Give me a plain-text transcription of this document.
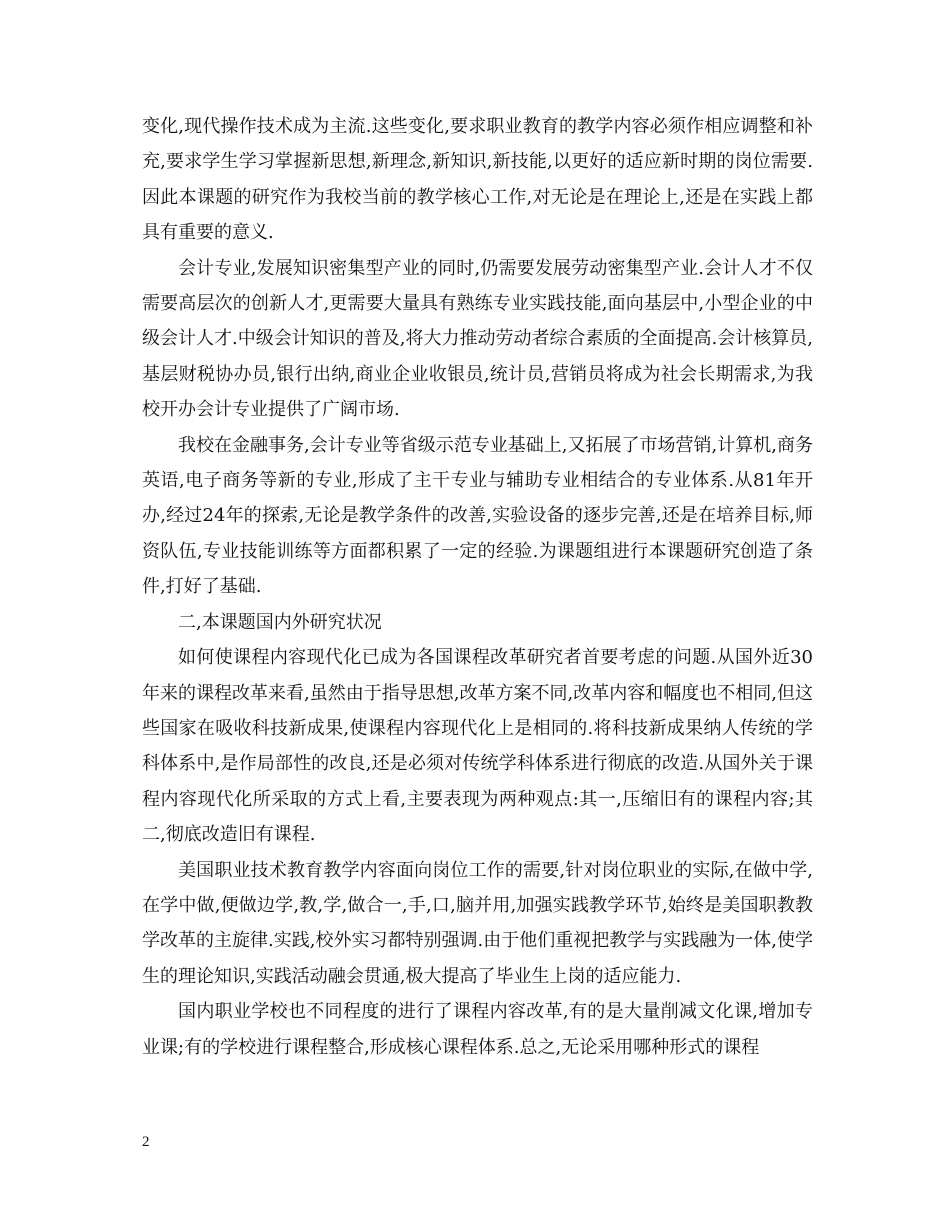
变化,现代操作技术成为主流.这些变化,要求职业教育的教学内容必须作相应调整和补充,要求学生学习掌握新思想,新理念,新知识,新技能,以更好的适应新时期的岗位需要.因此本课题的研究作为我校当前的教学核心工作,对无论是在理论上,还是在实践上都具有重要的意义.

会计专业,发展知识密集型产业的同时,仍需要发展劳动密集型产业.会计人才不仅需要高层次的创新人才,更需要大量具有熟练专业实践技能,面向基层中,小型企业的中级会计人才.中级会计知识的普及,将大力推动劳动者综合素质的全面提高.会计核算员,基层财税协办员,银行出纳,商业企业收银员,统计员,营销员将成为社会长期需求,为我校开办会计专业提供了广阔市场.

我校在金融事务,会计专业等省级示范专业基础上,又拓展了市场营销,计算机,商务英语,电子商务等新的专业,形成了主干专业与辅助专业相结合的专业体系.从81年开办,经过24年的探索,无论是教学条件的改善,实验设备的逐步完善,还是在培养目标,师资队伍,专业技能训练等方面都积累了一定的经验.为课题组进行本课题研究创造了条件,打好了基础.

二,本课题国内外研究状况

如何使课程内容现代化已成为各国课程改革研究者首要考虑的问题.从国外近30年来的课程改革来看,虽然由于指导思想,改革方案不同,改革内容和幅度也不相同,但这些国家在吸收科技新成果,使课程内容现代化上是相同的.将科技新成果纳人传统的学科体系中,是作局部性的改良,还是必须对传统学科体系进行彻底的改造.从国外关于课程内容现代化所采取的方式上看,主要表现为两种观点:其一,压缩旧有的课程内容;其二,彻底改造旧有课程.

美国职业技术教育教学内容面向岗位工作的需要,针对岗位职业的实际,在做中学,在学中做,便做边学,教,学,做合一,手,口,脑并用,加强实践教学环节,始终是美国职教教学改革的主旋律.实践,校外实习都特别强调.由于他们重视把教学与实践融为一体,使学生的理论知识,实践活动融会贯通,极大提高了毕业生上岗的适应能力.

国内职业学校也不同程度的进行了课程内容改革,有的是大量削减文化课,增加专业课;有的学校进行课程整合,形成核心课程体系.总之,无论采用哪种形式的课程

2
